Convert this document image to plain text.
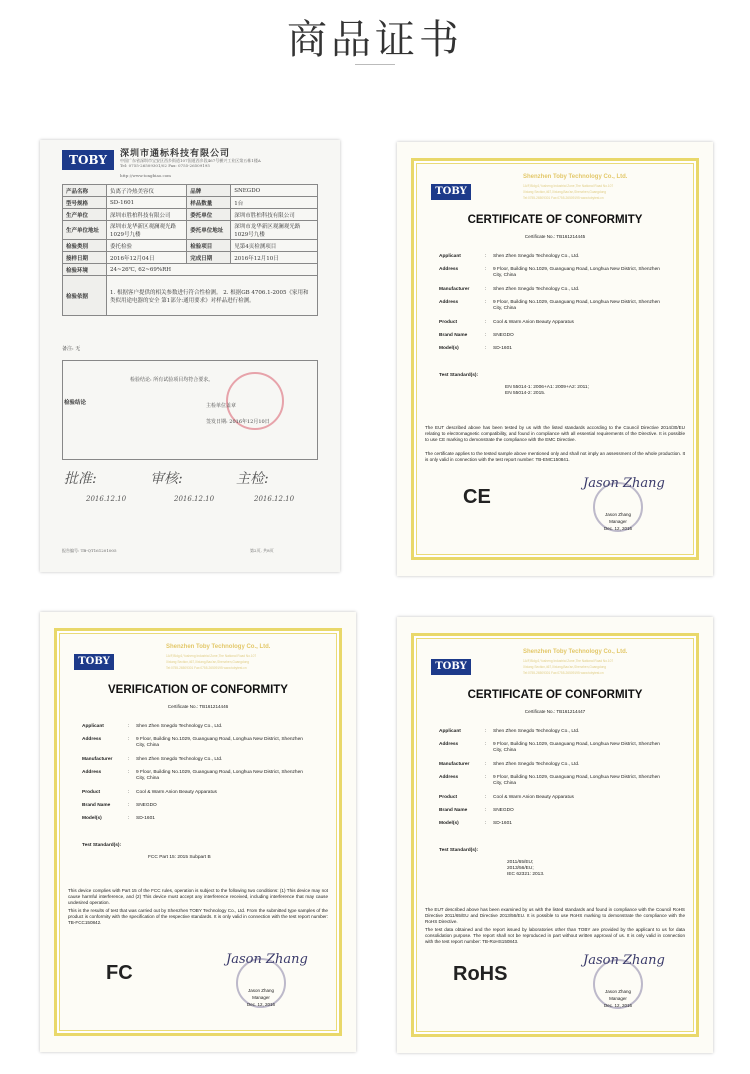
商品证书
TOBY	深圳市通标科技有限公司
中国广东省深圳市宝安区西乡街道107国道西乡段467号横兴工业区第五栋1楼A
Tel: 0755-26509301/02 Fax: 0755-26509195
http://www.tongbiao.com
产品名称	负离子冷热美容仪	品牌	SNEGDO
型号规格	SD-1601	样品数量	1台
生产单位	深圳市胜柏科技有限公司	委托单位	深圳市胜柏科技有限公司
生产单位地址	深圳市龙华新区观澜观光路1029号九楼	委托单位地址	深圳市龙华新区观澜观光路1029号九楼
检验类别	委托检验	检验项目	见第4页检测项目
接样日期	2016年12月04日	完成日期	2016年12月10日
检验环境	24~26℃, 62~69%RH		
检验依据	1. 根据客户提供的相关参数进行符合性检测。 2. 根据GB 4706.1-2005《家用和类似用途电器的安全 第1部分:通用要求》对样品进行检测。		
备注: 无
检验结论
检验结论: 所有试验项目均符合要求。
主检单位盖章
签发日期: 2016年12月10日
批准:	审核:	主检:
2016.12.10	2016.12.10	2016.12.10
报告编号: TB-QT161201005	第2页, 共8页
TOBY
Shenzhen Toby Technology Co., Ltd.
1A/F,Bldg.6,Yusheng Industrial Zone,The National Road No.107
Xixiang Section,467,Xixiang,Bao'an,Shenzhen,Guangdong
Tel:0755-26509301 Fax:0755-26509195 www.tobytest.cn
CERTIFICATE OF CONFORMITY
Certificate No.: TB161214445
Applicant	: Shen Zhen Snegdo Technology Co., Ltd.
Address	: 9 Floor, Building No.1029, Guanguang Road, Longhua New District, Shenzhen City, China
Manufacturer	: Shen Zhen Snegdo Technology Co., Ltd.
Address	: 9 Floor, Building No.1029, Guanguang Road, Longhua New District, Shenzhen City, China
Product	: Cool & Warm Anion Beauty Apparatus
Brand Name	: SNEGDO
Model(s)	: SD-1601
Test Standard(s):
EN 55014-1: 2006+A1: 2009+A2: 2011;
EN 55014-2: 2015.
The EUT described above has been tested by us with the listed standards according to the Council Directive 2014/30/EU relating to electromagnetic compatibility, and found in compliance with all essential requirements of the Directive. It is possible to use CE marking to demonstrate the compliance with the EMC Directive.
The certificate applies to the tested sample above mentioned only and shall not imply an assessment of the whole production. It is only valid in connection with the test report number: TB-EMC150841.
CE
Jason Zhang
Jason Zhang
Manager
Dec. 12, 2016
TOBY
Shenzhen Toby Technology Co., Ltd.
1A/F,Bldg.6,Yusheng Industrial Zone,The National Road No.107
Xixiang Section,467,Xixiang,Bao'an,Shenzhen,Guangdong
Tel:0755-26509301 Fax:0755-26509195 www.tobytest.cn
VERIFICATION OF CONFORMITY
Certificate No.: TB161214446
Applicant	: Shen Zhen Snegdo Technology Co., Ltd.
Address	: 9 Floor, Building No.1029, Guanguang Road, Longhua New District, Shenzhen City, China
Manufacturer	: Shen Zhen Snegdo Technology Co., Ltd.
Address	: 9 Floor, Building No.1029, Guanguang Road, Longhua New District, Shenzhen City, China
Product	: Cool & Warm Anion Beauty Apparatus
Brand Name	: SNEGDO
Model(s)	: SD-1601
Test Standard(s):
FCC Part 15: 2015 Subpart B
This device complies with Part 15 of the FCC rules, operation is subject to the following two conditions: (1) This device may not cause harmful interference, and (2) This device must accept any interference received, including interference that may cause undesired operation.
This is the results of test that was carried out by Shenzhen TOBY Technology Co., Ltd. From the submitted type samples of the product is conformity with the specification of the respective standards. It is only valid in connection with the test report number: TB-FCC150842.
FC
Jason Zhang
Jason Zhang
Manager
Dec. 12, 2016
TOBY
Shenzhen Toby Technology Co., Ltd.
1A/F,Bldg.6,Yusheng Industrial Zone,The National Road No.107
Xixiang Section,467,Xixiang,Bao'an,Shenzhen,Guangdong
Tel:0755-26509301 Fax:0755-26509195 www.tobytest.cn
CERTIFICATE OF CONFORMITY
Certificate No.: TB161214447
Applicant	: Shen Zhen Snegdo Technology Co., Ltd.
Address	: 9 Floor, Building No.1029, Guanguang Road, Longhua New District, Shenzhen City, China
Manufacturer	: Shen Zhen Snegdo Technology Co., Ltd.
Address	: 9 Floor, Building No.1029, Guanguang Road, Longhua New District, Shenzhen City, China
Product	: Cool & Warm Anion Beauty Apparatus
Brand Name	: SNEGDO
Model(s)	: SD-1601
Test Standard(s):
2011/65/EU;
2013/56/EU;
IEC 62321: 2013.
The EUT described above has been examined by us with the listed standards and found in compliance with the Council RoHS Directive 2011/65/EU and Directive 2013/56/EU. It is possible to use RoHS marking to demonstrate the compliance with the RoHS Directive.
The test data obtained and the report issued by laboratories other than TOBY are provided by the applicant to us for data consolidation purpose. The report shall not be reproduced in part without written approval of us. It is only valid in connection with the test report number: TB-RoHS150843.
RoHS
Jason Zhang
Jason Zhang
Manager
Dec. 12, 2016
